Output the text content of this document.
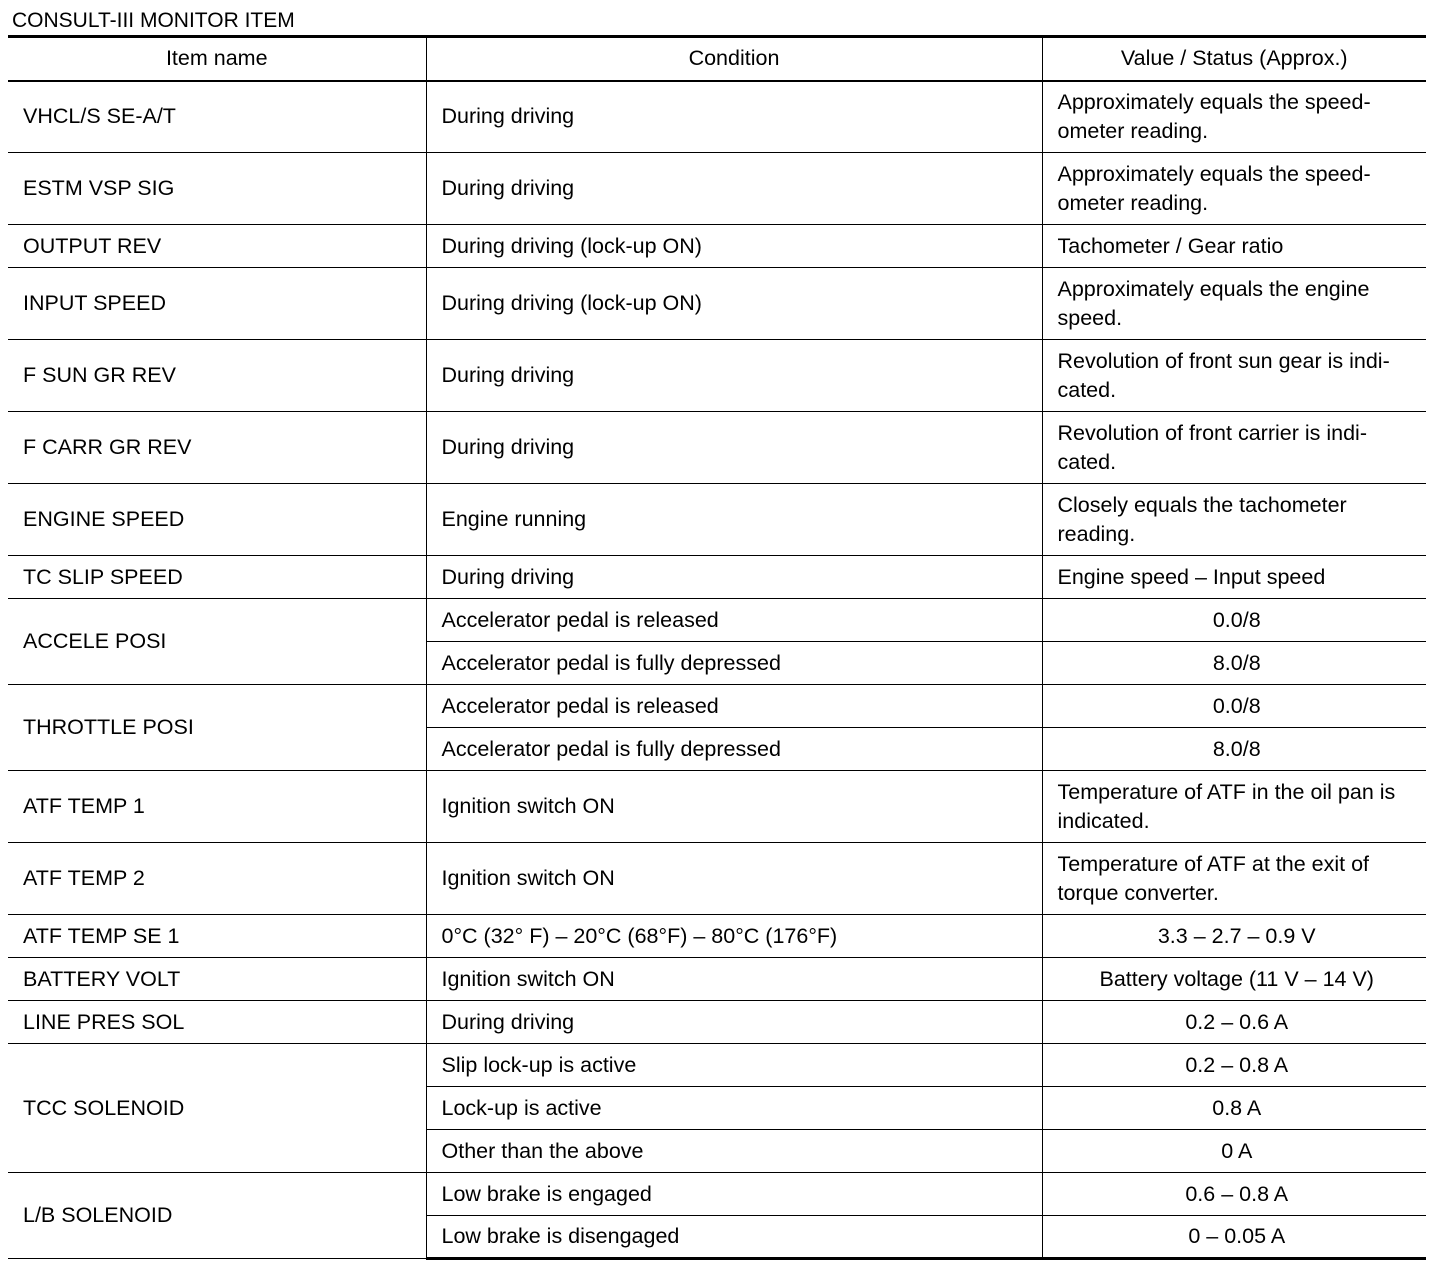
CONSULT-III MONITOR ITEM
Item name	Condition	Value / Status (Approx.)
VHCL/S SE-A/T	During driving	Approximately equals the speed-ometer reading.
ESTM VSP SIG	During driving	Approximately equals the speed-ometer reading.
OUTPUT REV	During driving (lock-up ON)	Tachometer / Gear ratio
INPUT SPEED	During driving (lock-up ON)	Approximately equals the engine speed.
F SUN GR REV	During driving	Revolution of front sun gear is indi-cated.
F CARR GR REV	During driving	Revolution of front carrier is indi-cated.
ENGINE SPEED	Engine running	Closely equals the tachometer reading.
TC SLIP SPEED	During driving	Engine speed – Input speed
ACCELE POSI	Accelerator pedal is released	0.0/8
	Accelerator pedal is fully depressed	8.0/8
THROTTLE POSI	Accelerator pedal is released	0.0/8
	Accelerator pedal is fully depressed	8.0/8
ATF TEMP 1	Ignition switch ON	Temperature of ATF in the oil pan is indicated.
ATF TEMP 2	Ignition switch ON	Temperature of ATF at the exit of torque converter.
ATF TEMP SE 1	0°C (32° F) – 20°C (68°F) – 80°C (176°F)	3.3 – 2.7 – 0.9 V
BATTERY VOLT	Ignition switch ON	Battery voltage (11 V – 14 V)
LINE PRES SOL	During driving	0.2 – 0.6 A
TCC SOLENOID	Slip lock-up is active	0.2 – 0.8 A
	Lock-up is active	0.8 A
	Other than the above	0 A
L/B SOLENOID	Low brake is engaged	0.6 – 0.8 A
	Low brake is disengaged	0 – 0.05 A
